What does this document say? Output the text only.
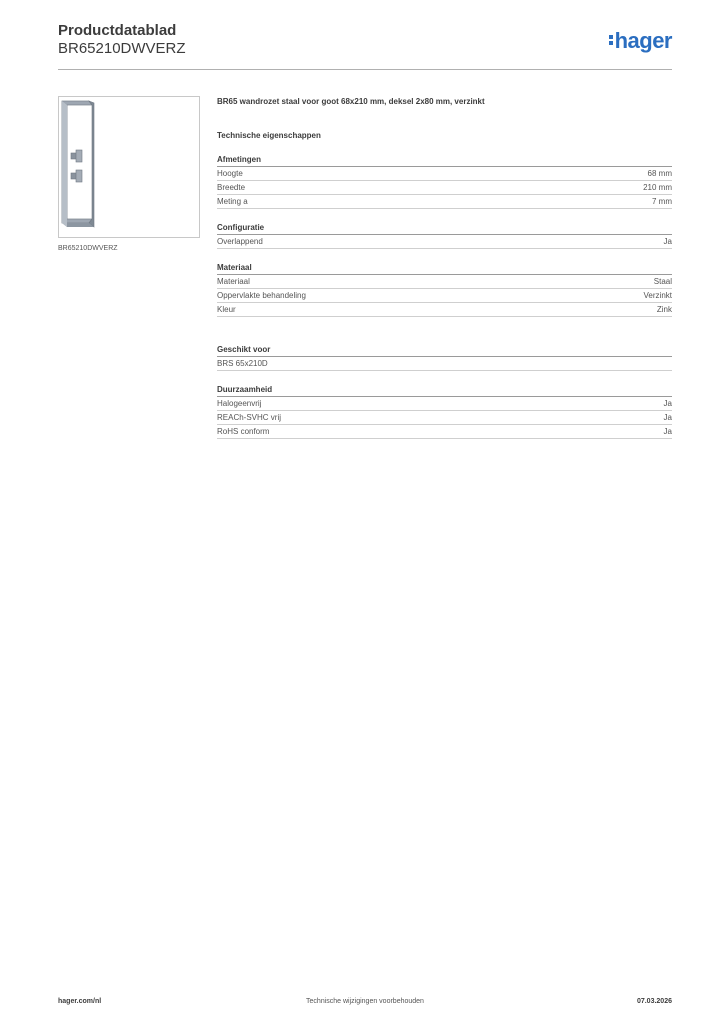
Productdatablad
BR65210DWVERZ	hager
BR65210DWVERZ
BR65 wandrozet staal voor goot 68x210 mm, deksel 2x80 mm, verzinkt
Technische eigenschappen
Afmetingen
Hoogte	68 mm
Breedte	210 mm
Meting a	7 mm
Configuratie
Overlappend	Ja
Materiaal
Materiaal	Staal
Oppervlakte behandeling	Verzinkt
Kleur	Zink
Geschikt voor
BRS 65x210D
Duurzaamheid
Halogeenvrij	Ja
REACh-SVHC vrij	Ja
RoHS conform	Ja
hager.com/nl	Technische wijzigingen voorbehouden	07.03.2026
